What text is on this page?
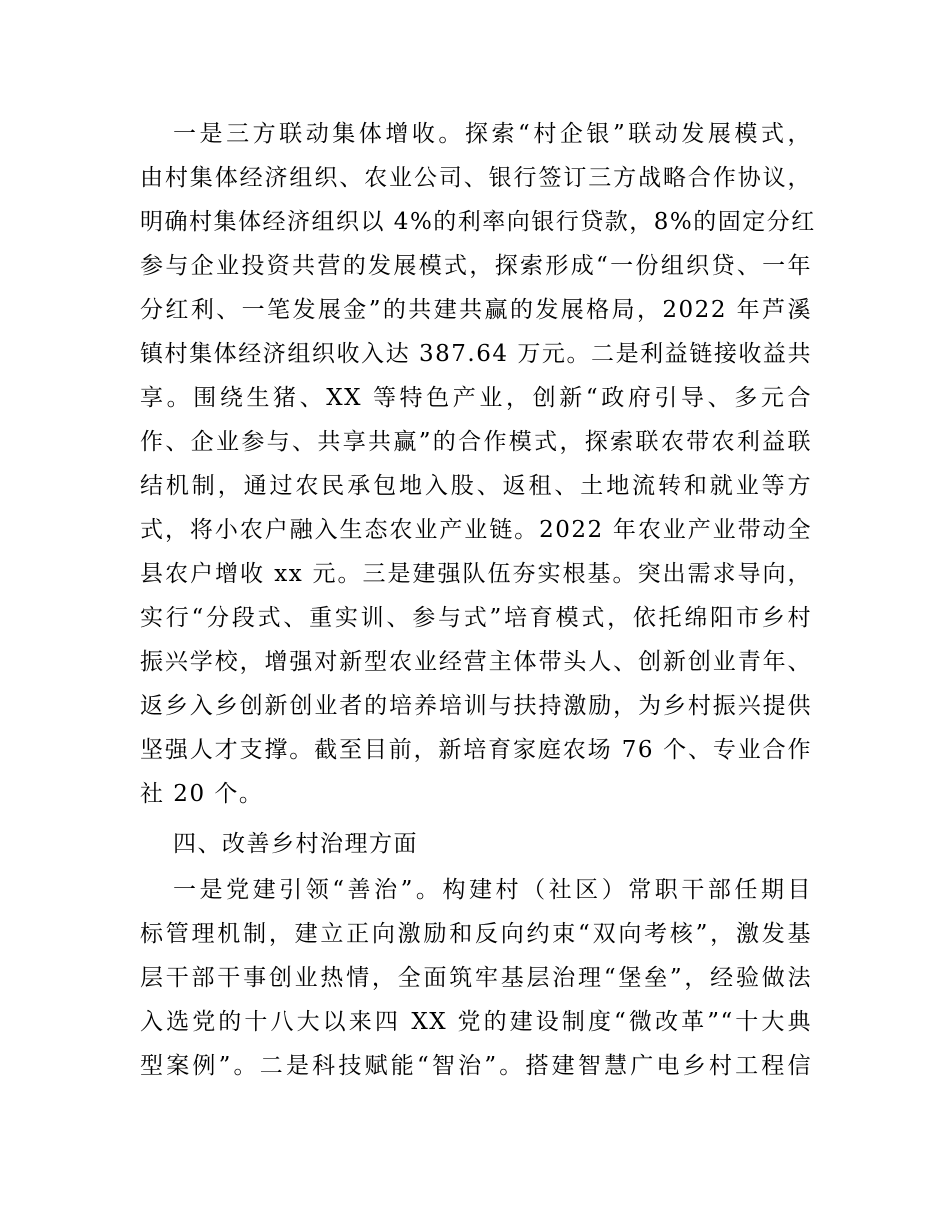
一是三方联动集体增收。探索“村企银”联动发展模式，
由村集体经济组织、农业公司、银行签订三方战略合作协议，
明确村集体经济组织以 4%的利率向银行贷款，8%的固定分红
参与企业投资共营的发展模式，探索形成“一份组织贷、一年
分红利、一笔发展金”的共建共赢的发展格局，2022 年芦溪
镇村集体经济组织收入达 387.64 万元。二是利益链接收益共
享。围绕生猪、XX 等特色产业，创新“政府引导、多元合
作、企业参与、共享共赢”的合作模式，探索联农带农利益联
结机制，通过农民承包地入股、返租、土地流转和就业等方
式，将小农户融入生态农业产业链。2022 年农业产业带动全
县农户增收 xx 元。三是建强队伍夯实根基。突出需求导向，
实行“分段式、重实训、参与式”培育模式，依托绵阳市乡村
振兴学校，增强对新型农业经营主体带头人、创新创业青年、
返乡入乡创新创业者的培养培训与扶持激励，为乡村振兴提供
坚强人才支撑。截至目前，新培育家庭农场 76 个、专业合作
社 20 个。
四、改善乡村治理方面
一是党建引领“善治”。构建村（社区）常职干部任期目
标管理机制，建立正向激励和反向约束“双向考核”，激发基
层干部干事创业热情，全面筑牢基层治理“堡垒”，经验做法
入选党的十八大以来四 XX 党的建设制度“微改革”“十大典
型案例”。二是科技赋能“智治”。搭建智慧广电乡村工程信
